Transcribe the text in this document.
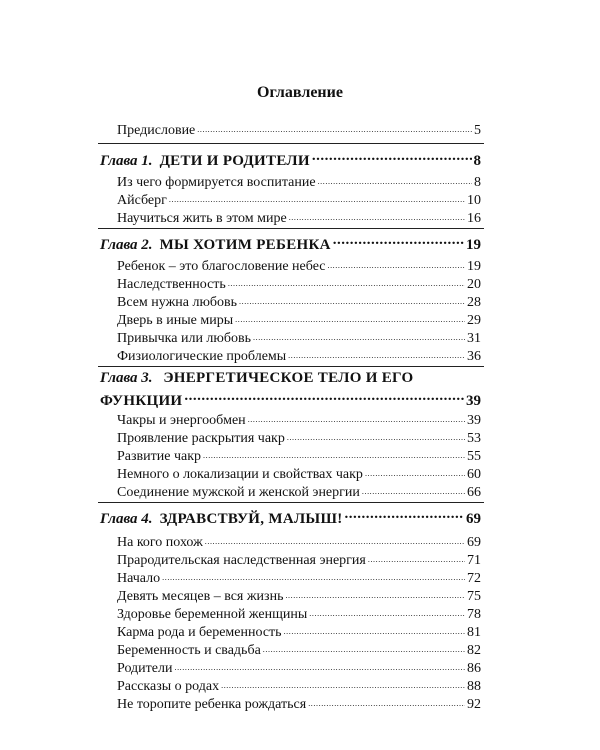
Оглавление
Предисловие .....	5
Глава 1. ДЕТИ И РОДИТЕЛИ .....	8
Из чего формируется воспитание .....	8
Айсберг .....	10
Научиться жить в этом мире .....	16
Глава 2. МЫ ХОТИМ РЕБЕНКА .....	19
Ребенок – это благословение небес .....	19
Наследственность .....	20
Всем нужна любовь .....	28
Дверь в иные миры .....	29
Привычка или любовь .....	31
Физиологические проблемы .....	36
Глава 3. ЭНЕРГЕТИЧЕСКОЕ ТЕЛО И ЕГО
ФУНКЦИИ .....	39
Чакры и энергообмен .....	39
Проявление раскрытия чакр .....	53
Развитие чакр .....	55
Немного о локализации и свойствах чакр .....	60
Соединение мужской и женской энергии .....	66
Глава 4. ЗДРАВСТВУЙ, МАЛЫШ! .....	69
На кого похож .....	69
Прародительская наследственная энергия .....	71
Начало .....	72
Девять месяцев – вся жизнь .....	75
Здоровье беременной женщины .....	78
Карма рода и беременность .....	81
Беременность и свадьба .....	82
Родители .....	86
Рассказы о родах .....	88
Не торопите ребенка рождаться .....	92
